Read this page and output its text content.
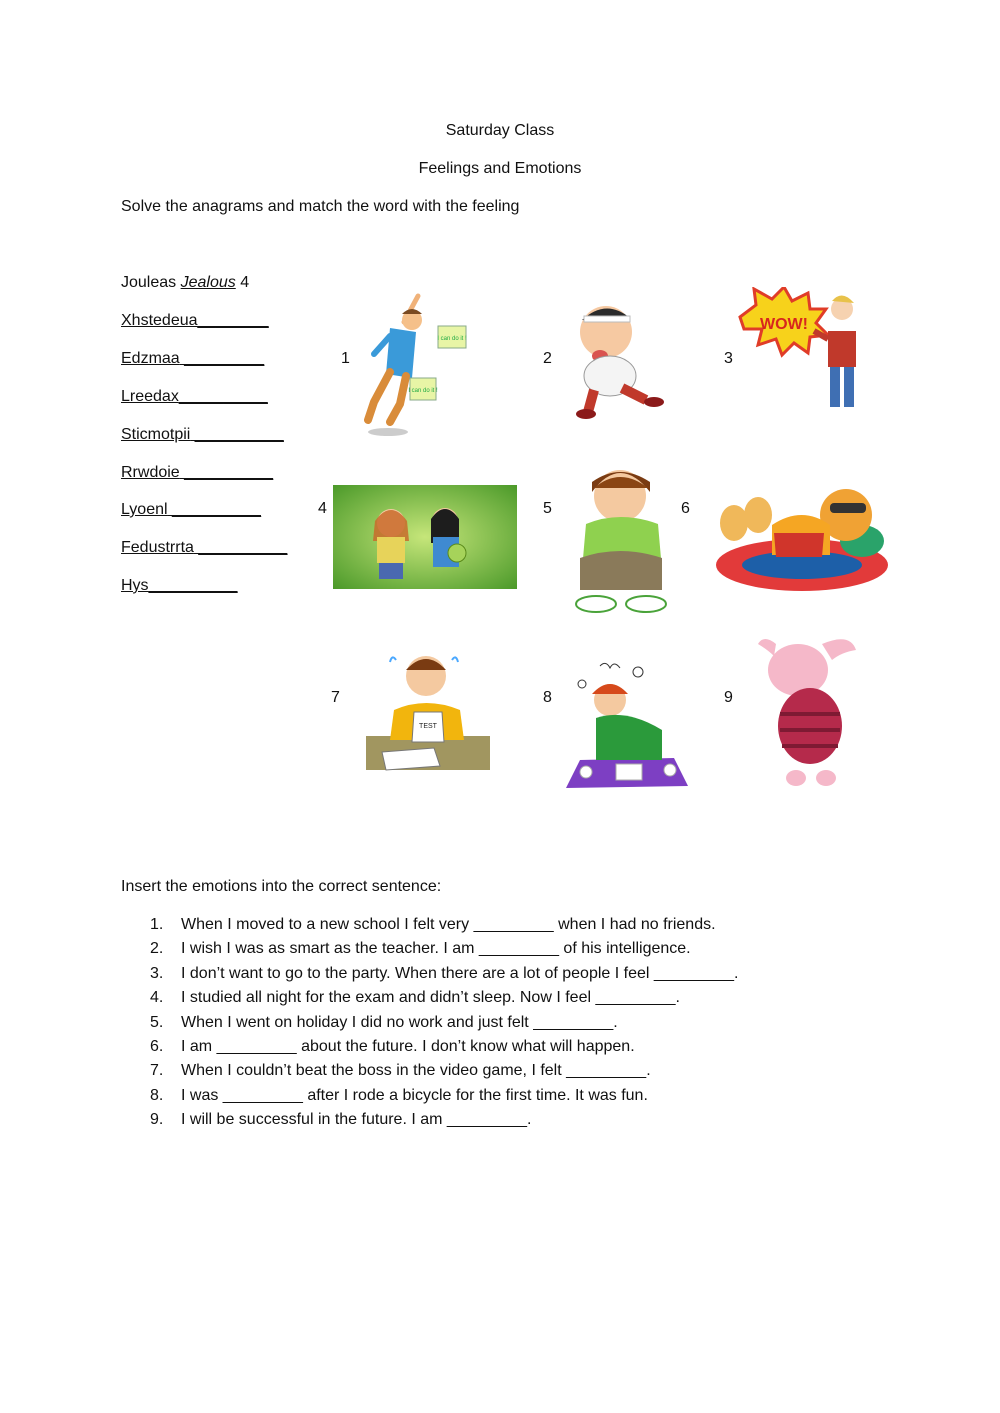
Saturday Class
Feelings and Emotions
Solve the anagrams and match the word with the feeling
Jouleas Jealous 4
Xhstedeua________
Edzmaa _________
Lreedax__________
Sticmotpii __________
Rrwdoie __________
Lyoenl __________
Fedustrrta __________
Hys__________
1	2	3
4	5	6
7	8	9
I can do it !
I can do it !
WOW!
TEST
Insert the emotions into the correct sentence:
1. When I moved to a new school I felt very _________ when I had no friends.
2. I wish I was as smart as the teacher. I am _________ of his intelligence.
3. I don’t want to go to the party. When there are a lot of people I feel _________.
4. I studied all night for the exam and didn’t sleep. Now I feel _________.
5. When I went on holiday I did no work and just felt _________.
6. I am _________ about the future. I don’t know what will happen.
7. When I couldn’t beat the boss in the video game, I felt _________.
8. I was _________ after I rode a bicycle for the first time. It was fun.
9. I will be successful in the future. I am _________.
